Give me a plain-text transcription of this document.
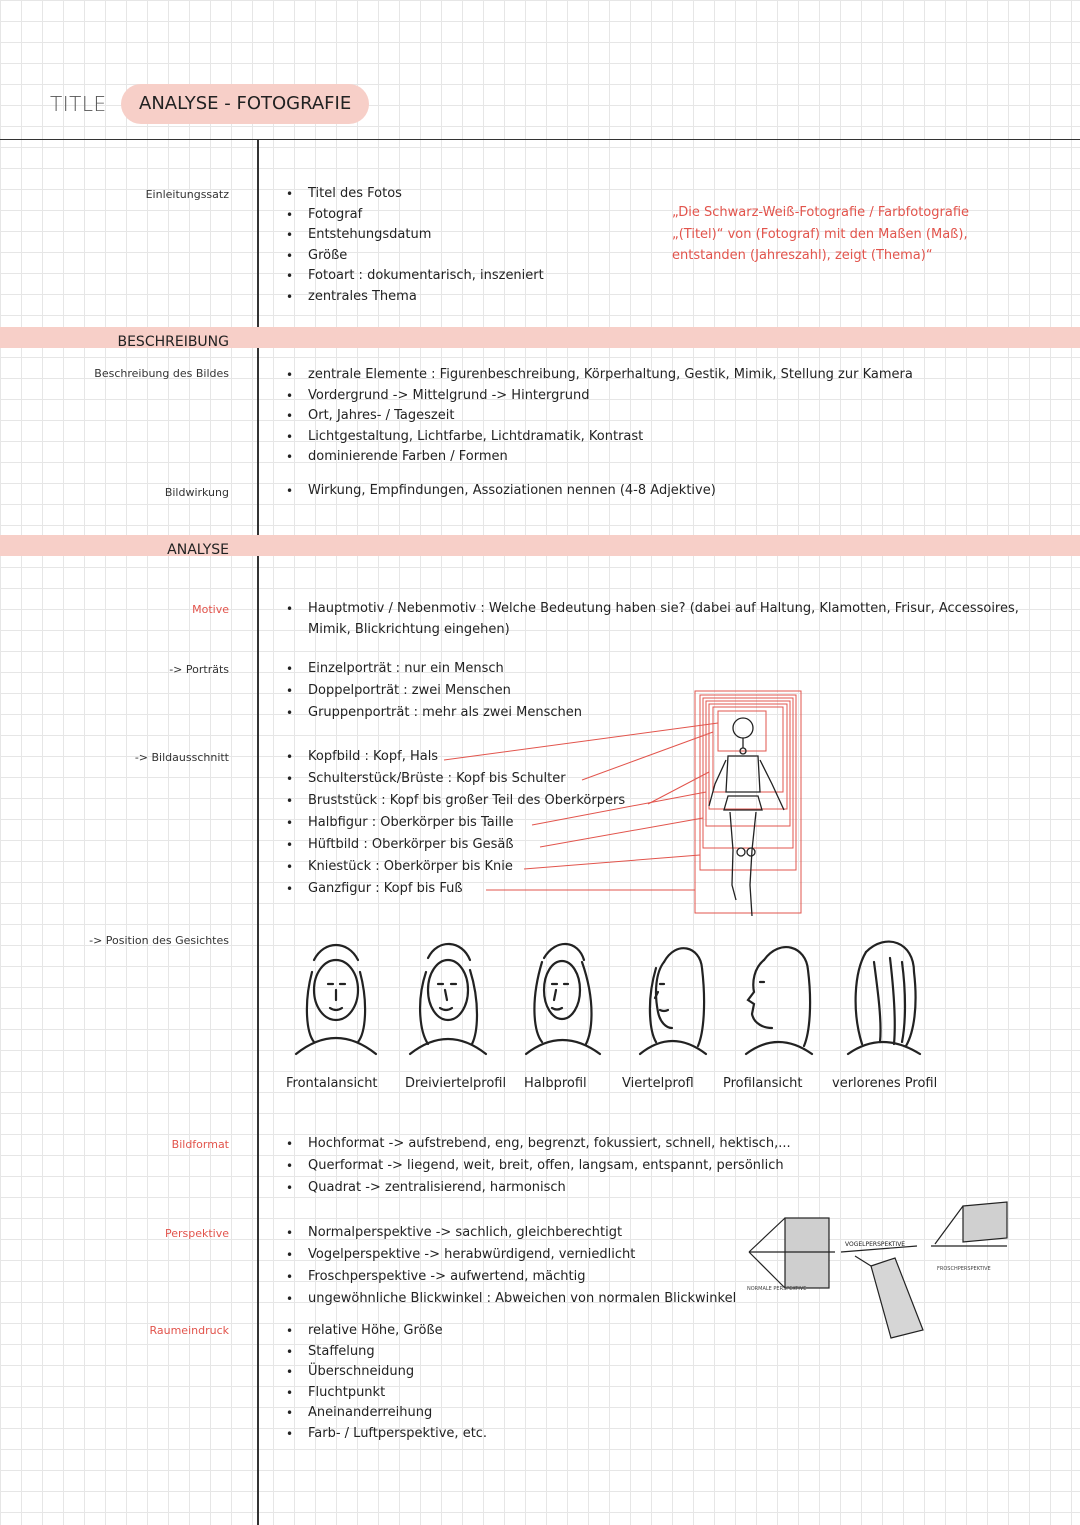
TITLE	ANALYSE - FOTOGRAFIE
Einleitungssatz	• Titel des Fotos
• Fotograf
• Entstehungsdatum
• Größe
• Fotoart : dokumentarisch, inszeniert
• zentrales Thema
„Die Schwarz-Weiß-Fotografie / Farbfotografie
„(Titel)“ von (Fotograf) mit den Maßen (Maß),
entstanden (Jahreszahl), zeigt (Thema)“
BESCHREIBUNG
Beschreibung des Bildes	• zentrale Elemente : Figurenbeschreibung, Körperhaltung, Gestik, Mimik, Stellung zur Kamera
• Vordergrund -> Mittelgrund -> Hintergrund
• Ort, Jahres- / Tageszeit
• Lichtgestaltung, Lichtfarbe, Lichtdramatik, Kontrast
• dominierende Farben / Formen
Bildwirkung	• Wirkung, Empfindungen, Assoziationen nennen (4-8 Adjektive)
ANALYSE
Motive	• Hauptmotiv / Nebenmotiv : Welche Bedeutung haben sie? (dabei auf Haltung, Klamotten, Frisur, Accessoires, Mimik, Blickrichtung eingehen)
-> Porträts	• Einzelporträt : nur ein Mensch
• Doppelporträt : zwei Menschen
• Gruppenporträt : mehr als zwei Menschen
-> Bildausschnitt	• Kopfbild : Kopf, Hals
• Schulterstück/Brüste : Kopf bis Schulter
• Bruststück : Kopf bis großer Teil des Oberkörpers
• Halbfigur : Oberkörper bis Taille
• Hüftbild : Oberkörper bis Gesäß
• Kniestück : Oberkörper bis Knie
• Ganzfigur : Kopf bis Fuß
-> Position des Gesichtes
Frontalansicht Dreiviertelprofil Halbprofil	Viertelprofl Profilansicht verlorenes Profil
Bildformat	• Hochformat -> aufstrebend, eng, begrenzt, fokussiert, schnell, hektisch,...
• Querformat -> liegend, weit, breit, offen, langsam, entspannt, persönlich
• Quadrat -> zentralisierend, harmonisch
Perspektive	• Normalperspektive -> sachlich, gleichberechtigt
• Vogelperspektive -> herabwürdigend, verniedlicht
• Froschperspektive -> aufwertend, mächtig
• ungewöhnliche Blickwinkel : Abweichen von normalen Blickwinkel
VOGELPERSPEKTIVE
NORMALE PERSPEKTIVE
FROSCHPERSPEKTIVE
Raumeindruck	• relative Höhe, Größe
• Staffelung
• Überschneidung
• Fluchtpunkt
• Aneinanderreihung
• Farb- / Luftperspektive, etc.
